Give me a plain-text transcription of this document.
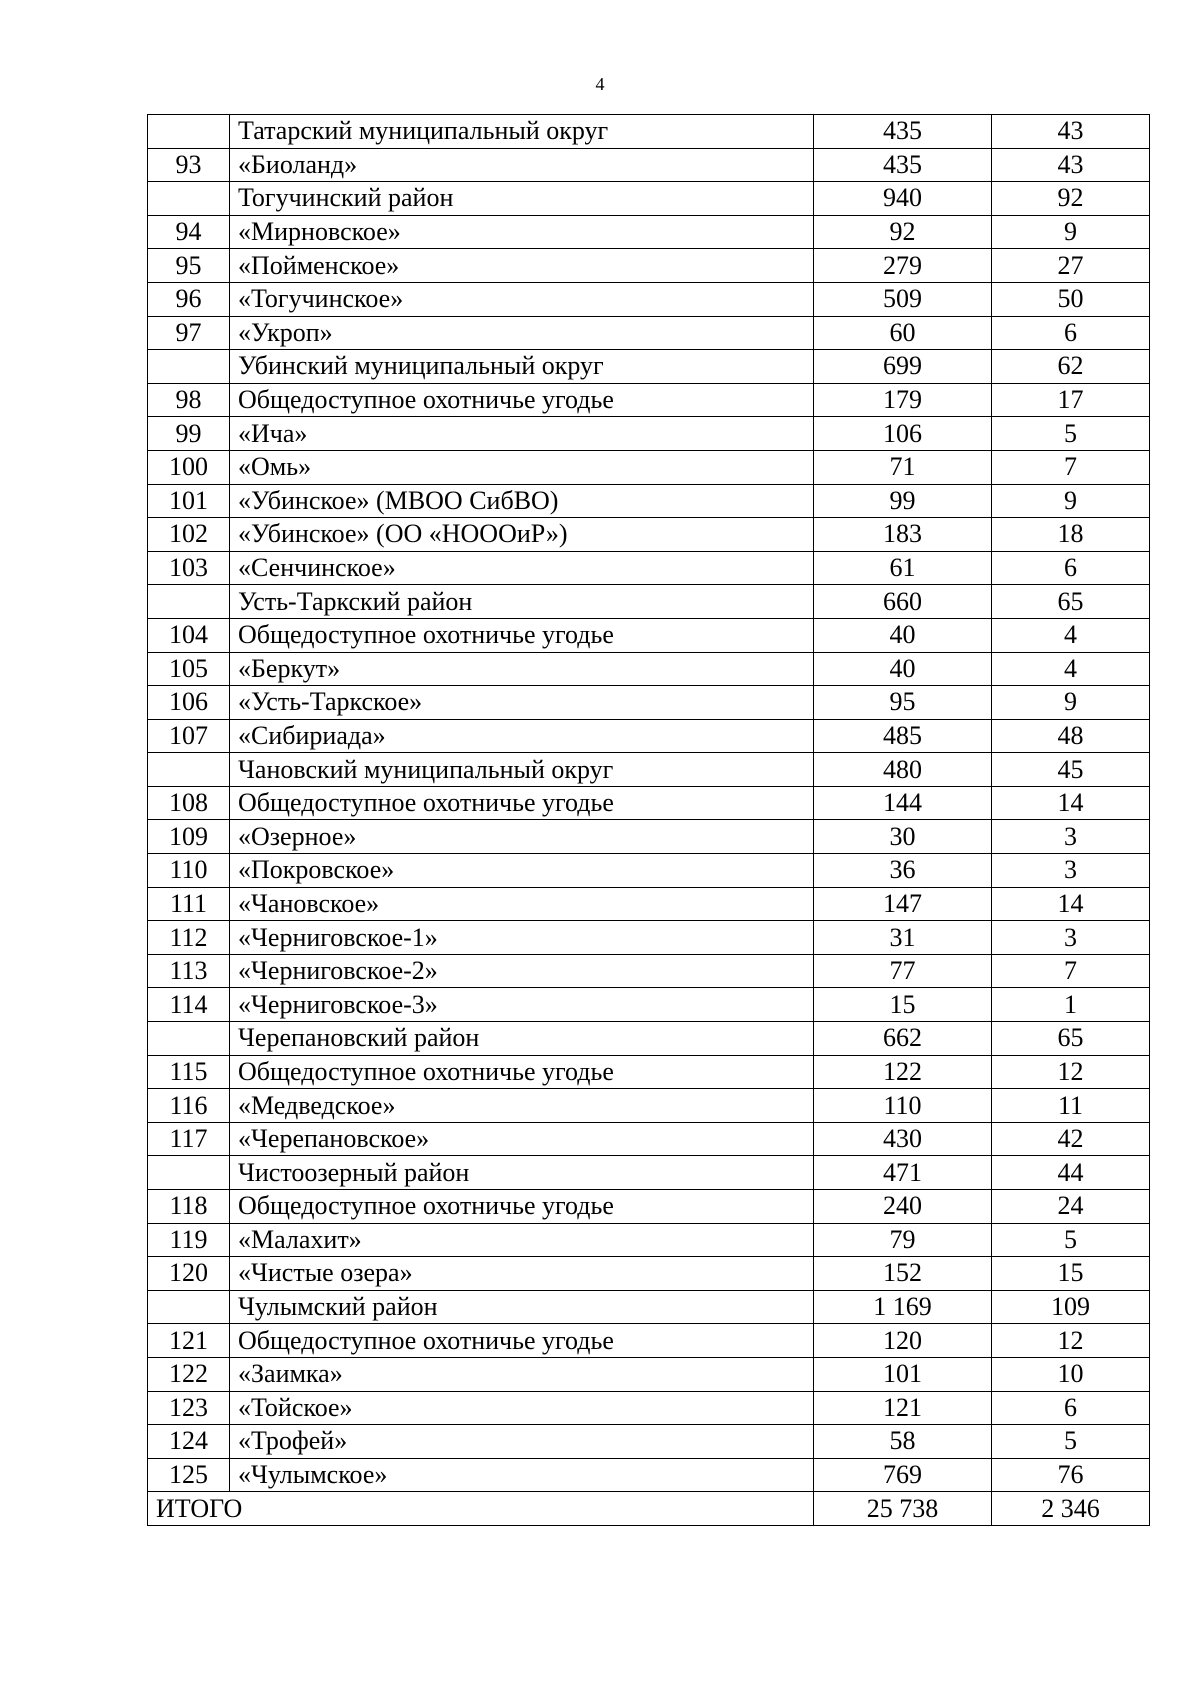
4
	Татарский муниципальный округ	435	43
93	«Биоланд»	435	43
	Тогучинский район	940	92
94	«Мирновское»	92	9
95	«Пойменское»	279	27
96	«Тогучинское»	509	50
97	«Укроп»	60	6
	Убинский муниципальный округ	699	62
98	Общедоступное охотничье угодье	179	17
99	«Ича»	106	5
100	«Омь»	71	7
101	«Убинское» (МВОО СибВО)	99	9
102	«Убинское» (ОО «НОООиР»)	183	18
103	«Сенчинское»	61	6
	Усть-Таркский район	660	65
104	Общедоступное охотничье угодье	40	4
105	«Беркут»	40	4
106	«Усть-Таркское»	95	9
107	«Сибириада»	485	48
	Чановский муниципальный округ	480	45
108	Общедоступное охотничье угодье	144	14
109	«Озерное»	30	3
110	«Покровское»	36	3
111	«Чановское»	147	14
112	«Черниговское-1»	31	3
113	«Черниговское-2»	77	7
114	«Черниговское-3»	15	1
	Черепановский район	662	65
115	Общедоступное охотничье угодье	122	12
116	«Медведское»	110	11
117	«Черепановское»	430	42
	Чистоозерный район	471	44
118	Общедоступное охотничье угодье	240	24
119	«Малахит»	79	5
120	«Чистые озера»	152	15
	Чулымский район	1 169	109
121	Общедоступное охотничье угодье	120	12
122	«Заимка»	101	10
123	«Тойское»	121	6
124	«Трофей»	58	5
125	«Чулымское»	769	76
ИТОГО		25 738	2 346
